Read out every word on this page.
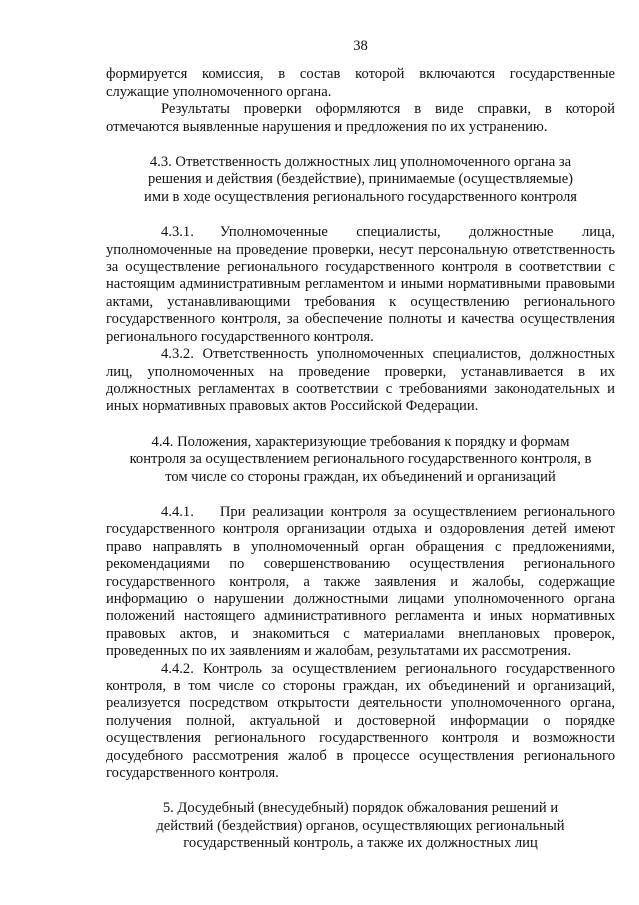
38

формируется комиссия, в состав которой включаются государственные служащие уполномоченного органа.

Результаты проверки оформляются в виде справки, в которой отмечаются выявленные нарушения и предложения по их устранению.

4.3. Ответственность должностных лиц уполномоченного органа за решения и действия (бездействие), принимаемые (осуществляемые) ими в ходе осуществления регионального государственного контроля

4.3.1. Уполномоченные специалисты, должностные лица, уполномоченные на проведение проверки, несут персональную ответственность за осуществление регионального государственного контроля в соответствии с настоящим административным регламентом и иными нормативными правовыми актами, устанавливающими требования к осуществлению регионального государственного контроля, за обеспечение полноты и качества осуществления регионального государственного контроля.

4.3.2. Ответственность уполномоченных специалистов, должностных лиц, уполномоченных на проведение проверки, устанавливается в их должностных регламентах в соответствии с требованиями законодательных и иных нормативных правовых актов Российской Федерации.

4.4. Положения, характеризующие требования к порядку и формам контроля за осуществлением регионального государственного контроля, в том числе со стороны граждан, их объединений и организаций

4.4.1. При реализации контроля за осуществлением регионального государственного контроля организации отдыха и оздоровления детей имеют право направлять в уполномоченный орган обращения с предложениями, рекомендациями по совершенствованию осуществления регионального государственного контроля, а также заявления и жалобы, содержащие информацию о нарушении должностными лицами уполномоченного органа положений настоящего административного регламента и иных нормативных правовых актов, и знакомиться с материалами внеплановых проверок, проведенных по их заявлениям и жалобам, результатами их рассмотрения.

4.4.2. Контроль за осуществлением регионального государственного контроля, в том числе со стороны граждан, их объединений и организаций, реализуется посредством открытости деятельности уполномоченного органа, получения полной, актуальной и достоверной информации о порядке осуществления регионального государственного контроля и возможности досудебного рассмотрения жалоб в процессе осуществления регионального государственного контроля.

5. Досудебный (внесудебный) порядок обжалования решений и действий (бездействия) органов, осуществляющих региональный государственный контроль, а также их должностных лиц
